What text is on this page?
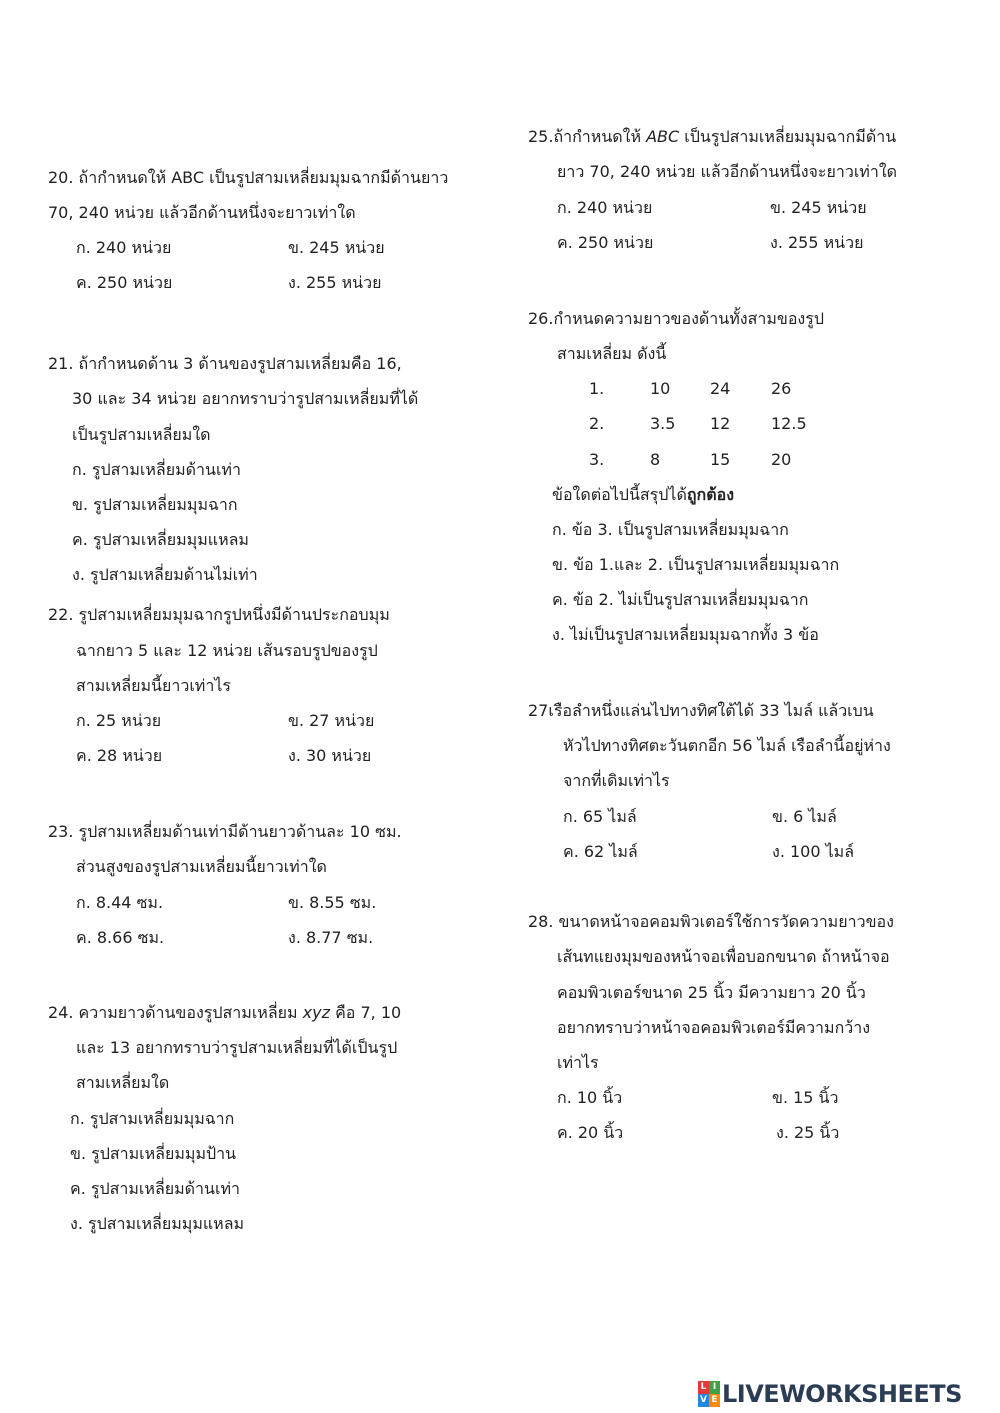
20. ถ้ากำหนดให้ ABC เป็นรูปสามเหลี่ยมมุมฉากมีด้านยาว
70, 240 หน่วย แล้วอีกด้านหนึ่งจะยาวเท่าใด
ก. 240 หน่วย	ข. 245 หน่วย
ค. 250 หน่วย	ง. 255 หน่วย
21. ถ้ากำหนดด้าน 3 ด้านของรูปสามเหลี่ยมคือ 16,
30 และ 34 หน่วย อยากทราบว่ารูปสามเหลี่ยมที่ได้
เป็นรูปสามเหลี่ยมใด
ก. รูปสามเหลี่ยมด้านเท่า
ข. รูปสามเหลี่ยมมุมฉาก
ค. รูปสามเหลี่ยมมุมแหลม
ง. รูปสามเหลี่ยมด้านไม่เท่า
22. รูปสามเหลี่ยมมุมฉากรูปหนึ่งมีด้านประกอบมุม
ฉากยาว 5 และ 12 หน่วย เส้นรอบรูปของรูป
สามเหลี่ยมนี้ยาวเท่าไร
ก. 25 หน่วย	ข. 27 หน่วย
ค. 28 หน่วย	ง. 30 หน่วย
23. รูปสามเหลี่ยมด้านเท่ามีด้านยาวด้านละ 10 ซม.
ส่วนสูงของรูปสามเหลี่ยมนี้ยาวเท่าใด
ก. 8.44 ซม.	ข. 8.55 ซม.
ค. 8.66 ซม.	ง. 8.77 ซม.
24. ความยาวด้านของรูปสามเหลี่ยม xyz คือ 7, 10
และ 13 อยากทราบว่ารูปสามเหลี่ยมที่ได้เป็นรูป
สามเหลี่ยมใด
ก. รูปสามเหลี่ยมมุมฉาก
ข. รูปสามเหลี่ยมมุมป้าน
ค. รูปสามเหลี่ยมด้านเท่า
ง. รูปสามเหลี่ยมมุมแหลม
25.ถ้ากำหนดให้ ABC เป็นรูปสามเหลี่ยมมุมฉากมีด้าน
ยาว 70, 240 หน่วย แล้วอีกด้านหนึ่งจะยาวเท่าใด
ก. 240 หน่วย	ข. 245 หน่วย
ค. 250 หน่วย	ง. 255 หน่วย
26.กำหนดความยาวของด้านทั้งสามของรูป
สามเหลี่ยม ดังนี้
1.	10 24	26
2.	3.5 12	12.5
3.	8	15	20
ข้อใดต่อไปนี้สรุปได้ถูกต้อง
ก. ข้อ 3. เป็นรูปสามเหลี่ยมมุมฉาก
ข. ข้อ 1.และ 2. เป็นรูปสามเหลี่ยมมุมฉาก
ค. ข้อ 2. ไม่เป็นรูปสามเหลี่ยมมุมฉาก
ง. ไม่เป็นรูปสามเหลี่ยมมุมฉากทั้ง 3 ข้อ
27เรือลำหนึ่งแล่นไปทางทิศใต้ได้ 33 ไมล์ แล้วเบน
หัวไปทางทิศตะวันตกอีก 56 ไมล์ เรือลำนี้อยู่ห่าง
จากที่เดิมเท่าไร
ก. 65 ไมล์	ข. 6 ไมล์
ค. 62 ไมล์	ง. 100 ไมล์
28. ขนาดหน้าจอคอมพิวเตอร์ใช้การวัดความยาวของ
เส้นทแยงมุมของหน้าจอเพื่อบอกขนาด ถ้าหน้าจอ
คอมพิวเตอร์ขนาด 25 นิ้ว มีความยาว 20 นิ้ว
อยากทราบว่าหน้าจอคอมพิวเตอร์มีความกว้าง
เท่าไร
ก. 10 นิ้ว	ข. 15 นิ้ว
ค. 20 นิ้ว	ง. 25 นิ้ว
L I
V E LIVEWORKSHEETS
